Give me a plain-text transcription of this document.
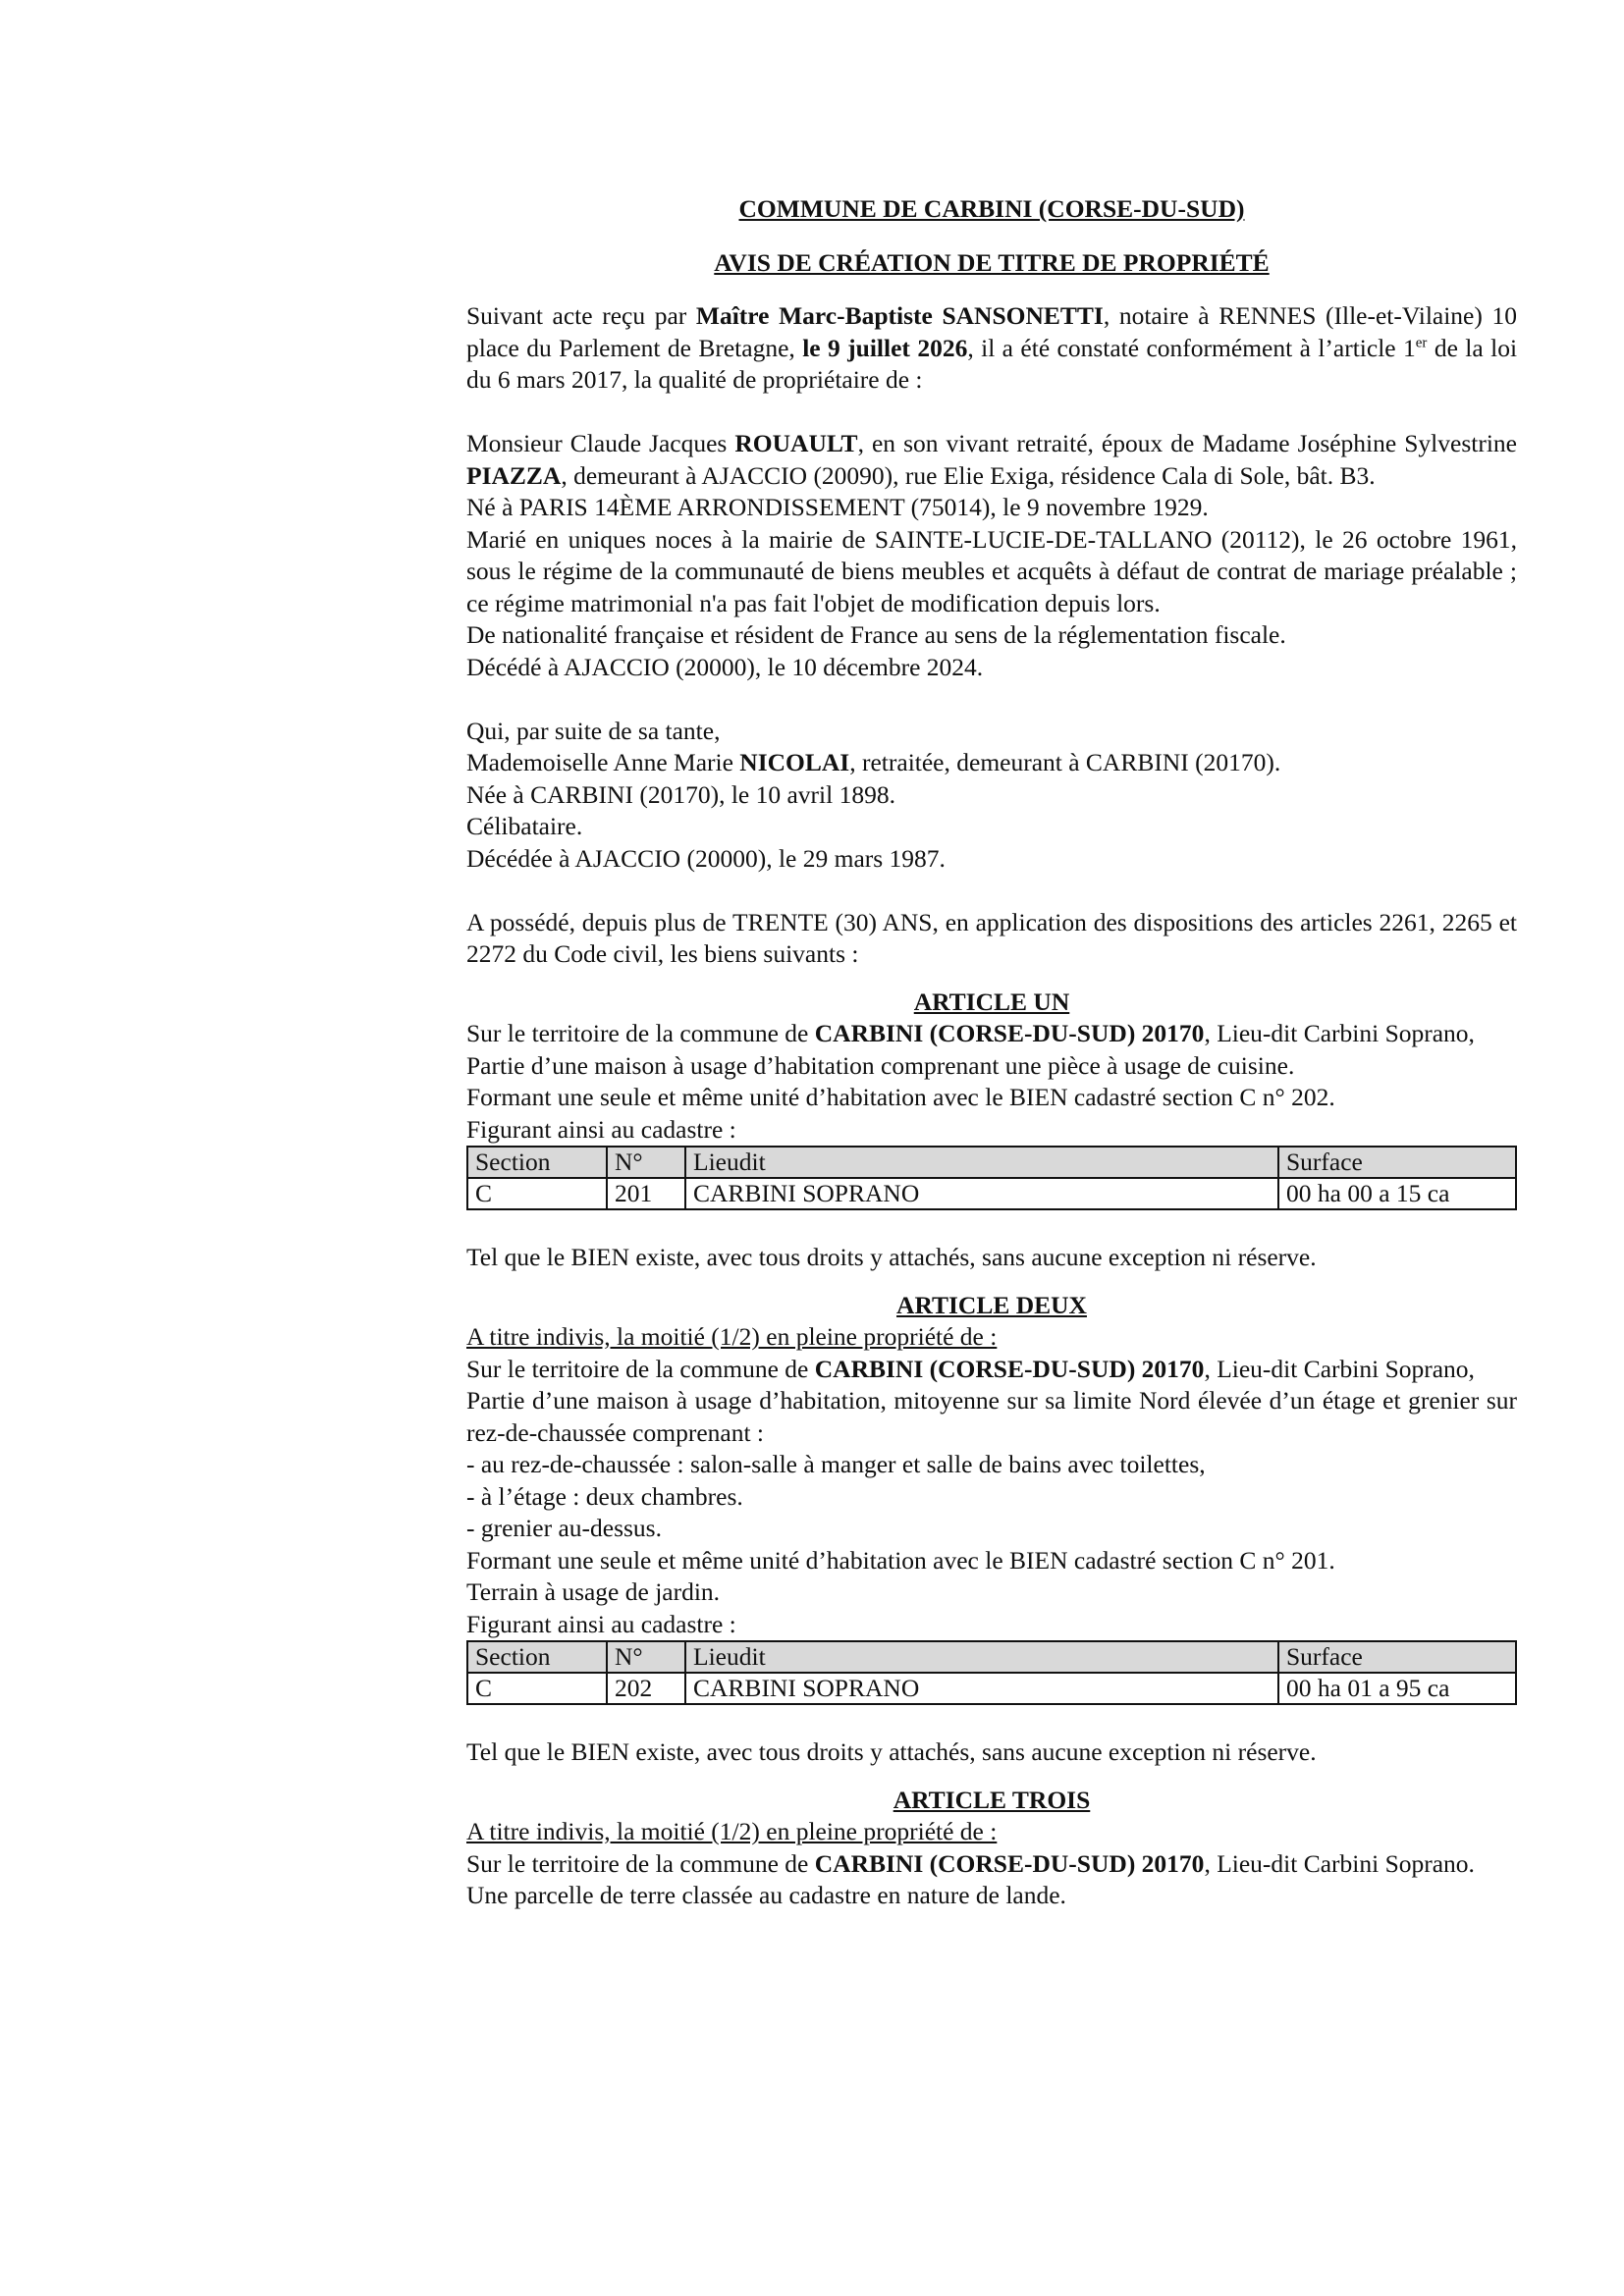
COMMUNE DE CARBINI (CORSE-DU-SUD)

AVIS DE CRÉATION DE TITRE DE PROPRIÉTÉ

Suivant acte reçu par Maître Marc-Baptiste SANSONETTI, notaire à RENNES (Ille-et-Vilaine) 10 place du Parlement de Bretagne, le 9 juillet 2026, il a été constaté conformément à l’article 1er de la loi du 6 mars 2017, la qualité de propriétaire de :

Monsieur Claude Jacques ROUAULT, en son vivant retraité, époux de Madame Joséphine Sylvestrine PIAZZA, demeurant à AJACCIO (20090), rue Elie Exiga, résidence Cala di Sole, bât. B3.

Né à PARIS 14ÈME ARRONDISSEMENT (75014), le 9 novembre 1929.

Marié en uniques noces à la mairie de SAINTE-LUCIE-DE-TALLANO (20112), le 26 octobre 1961, sous le régime de la communauté de biens meubles et acquêts à défaut de contrat de mariage préalable ; ce régime matrimonial n'a pas fait l'objet de modification depuis lors.

De nationalité française et résident de France au sens de la réglementation fiscale.

Décédé à AJACCIO (20000), le 10 décembre 2024.

Qui, par suite de sa tante,

Mademoiselle Anne Marie NICOLAI, retraitée, demeurant à CARBINI (20170).

Née à CARBINI (20170), le 10 avril 1898.

Célibataire.

Décédée à AJACCIO (20000), le 29 mars 1987.

A possédé, depuis plus de TRENTE (30) ANS, en application des dispositions des articles 2261, 2265 et 2272 du Code civil, les biens suivants :

ARTICLE UN

Sur le territoire de la commune de CARBINI (CORSE-DU-SUD) 20170, Lieu-dit Carbini Soprano,

Partie d’une maison à usage d’habitation comprenant une pièce à usage de cuisine.

Formant une seule et même unité d’habitation avec le BIEN cadastré section C n° 202.

Figurant ainsi au cadastre :

Section	N°	Lieudit	Surface
C	201	CARBINI SOPRANO	00 ha 00 a 15 ca

Tel que le BIEN existe, avec tous droits y attachés, sans aucune exception ni réserve.

ARTICLE DEUX

A titre indivis, la moitié (1/2) en pleine propriété de :

Sur le territoire de la commune de CARBINI (CORSE-DU-SUD) 20170, Lieu-dit Carbini Soprano,

Partie d’une maison à usage d’habitation, mitoyenne sur sa limite Nord élevée d’un étage et grenier sur rez-de-chaussée comprenant :

- au rez-de-chaussée : salon-salle à manger et salle de bains avec toilettes,

- à l’étage : deux chambres.

- grenier au-dessus.

Formant une seule et même unité d’habitation avec le BIEN cadastré section C n° 201.

Terrain à usage de jardin.

Figurant ainsi au cadastre :

Section	N°	Lieudit	Surface
C	202	CARBINI SOPRANO	00 ha 01 a 95 ca

Tel que le BIEN existe, avec tous droits y attachés, sans aucune exception ni réserve.

ARTICLE TROIS

A titre indivis, la moitié (1/2) en pleine propriété de :

Sur le territoire de la commune de CARBINI (CORSE-DU-SUD) 20170, Lieu-dit Carbini Soprano.

Une parcelle de terre classée au cadastre en nature de lande.
